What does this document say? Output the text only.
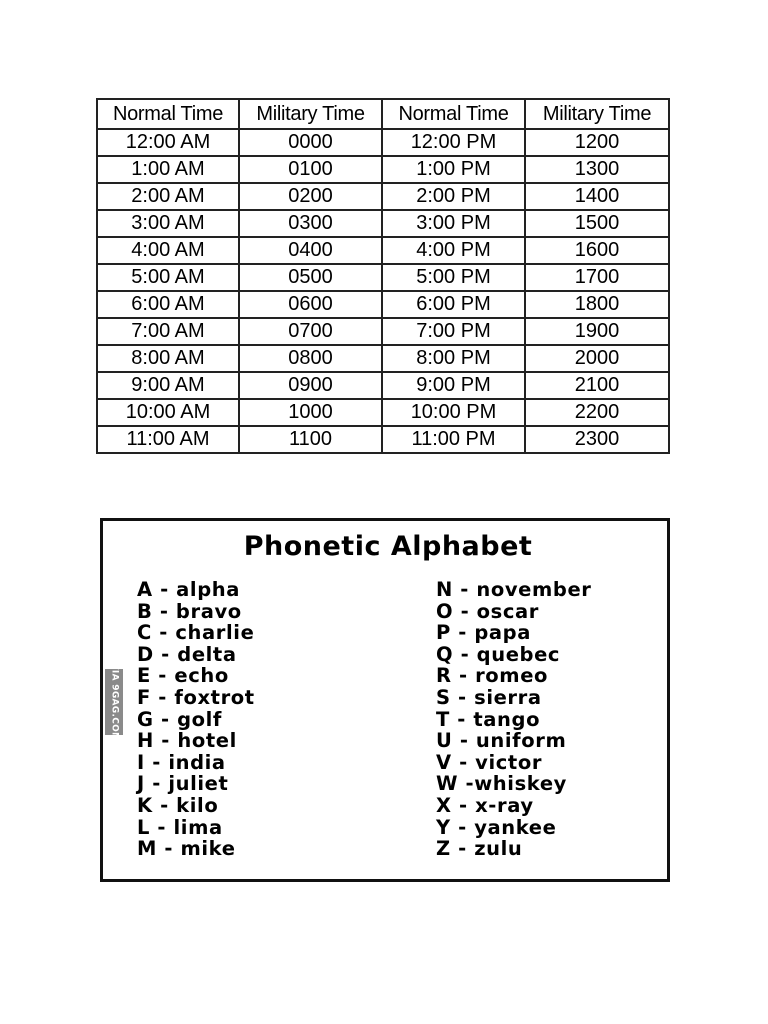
Normal Time	Military Time	Normal Time	Military Time
12:00 AM	0000	12:00 PM	1200
1:00 AM	0100	1:00 PM	1300
2:00 AM	0200	2:00 PM	1400
3:00 AM	0300	3:00 PM	1500
4:00 AM	0400	4:00 PM	1600
5:00 AM	0500	5:00 PM	1700
6:00 AM	0600	6:00 PM	1800
7:00 AM	0700	7:00 PM	1900
8:00 AM	0800	8:00 PM	2000
9:00 AM	0900	9:00 PM	2100
10:00 AM	1000	10:00 PM	2200
11:00 AM	1100	11:00 PM	2300
Phonetic Alphabet
A - alpha
B - bravo
C - charlie
D - delta
E - echo
F - foxtrot
G - golf
H - hotel
I - india
J - juliet
K - kilo
L - lima
M - mike
N - november
O - oscar
P - papa
Q - quebec
R - romeo
S - sierra
T - tango
U - uniform
V - victor
W -whiskey
X - x-ray
Y - yankee
Z - zulu
VIA 9GAG.COM
